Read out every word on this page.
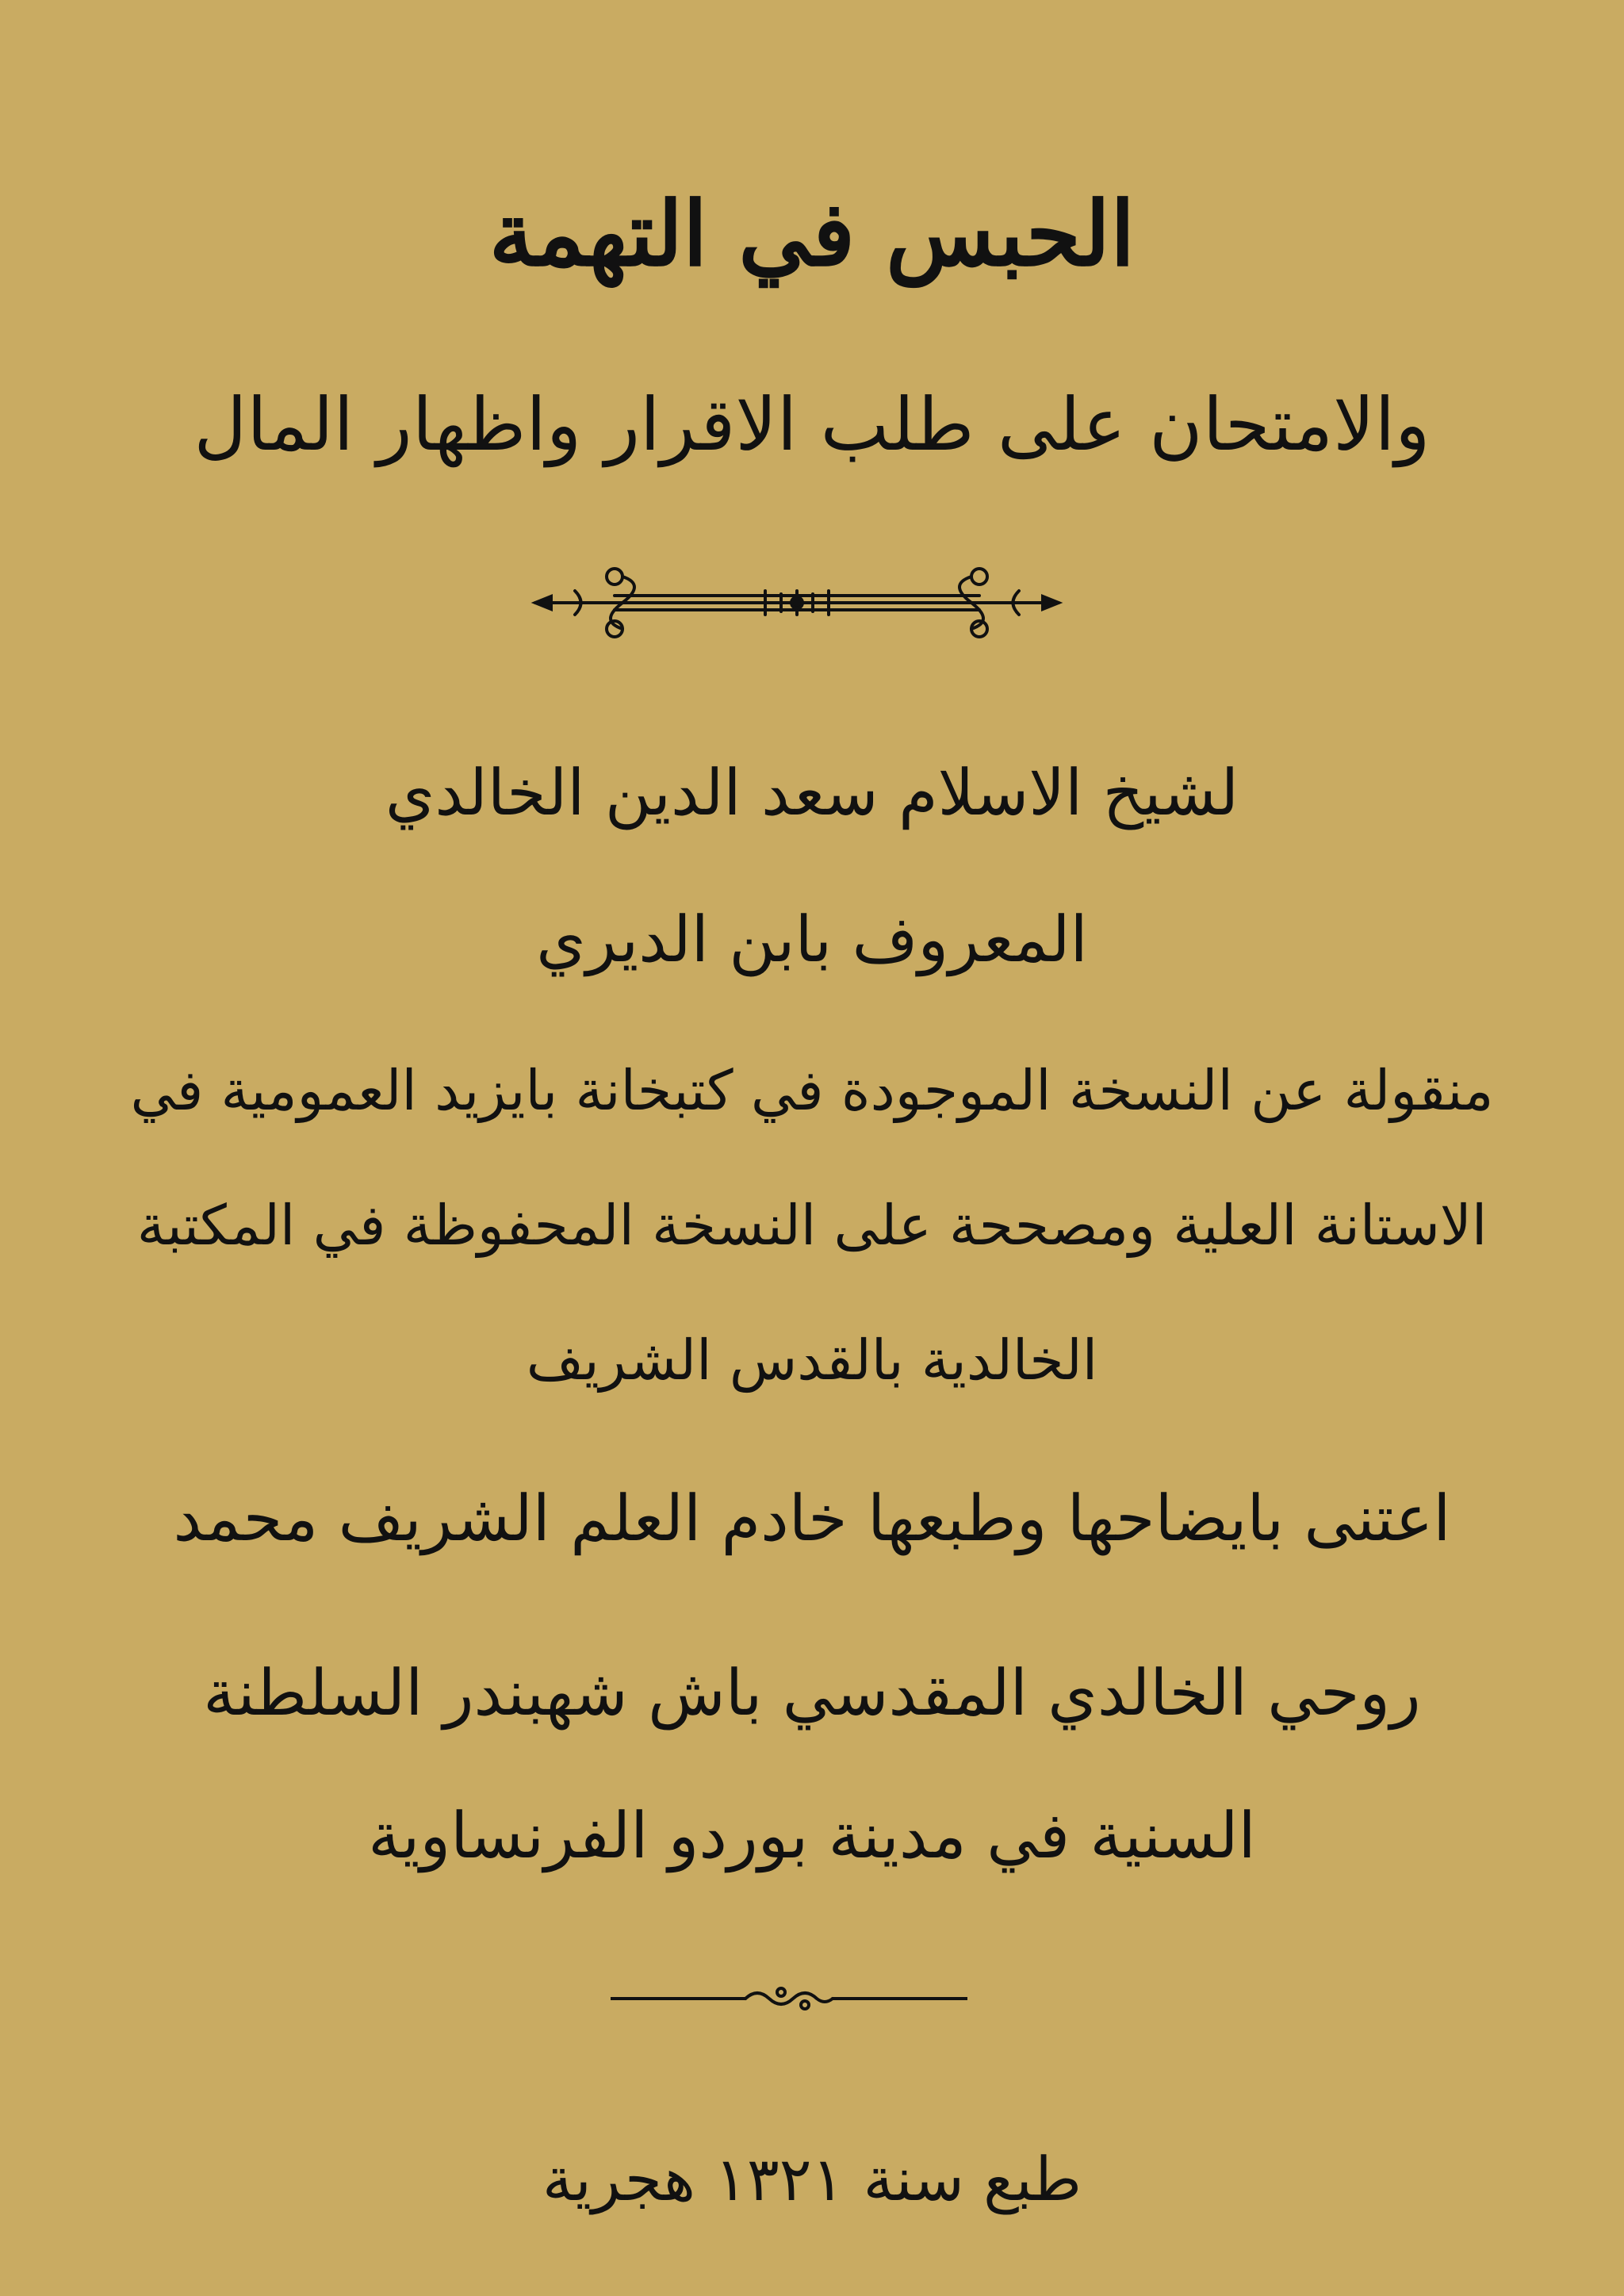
الحبس في التهمة
والامتحان على طلب الاقرار واظهار المال
لشيخ الاسلام سعد الدين الخالدي
المعروف بابن الديري
منقولة عن النسخة الموجودة في كتبخانة بايزيد العمومية في
الاستانة العلية ومصححة على النسخة المحفوظة في المكتبة
الخالدية بالقدس الشريف
اعتنى بايضاحها وطبعها خادم العلم الشريف محمد
روحي الخالدي المقدسي باش شهبندر السلطنة
السنية في مدينة بوردو الفرنساوية
طبع سنة ١٣٢١ هجرية
